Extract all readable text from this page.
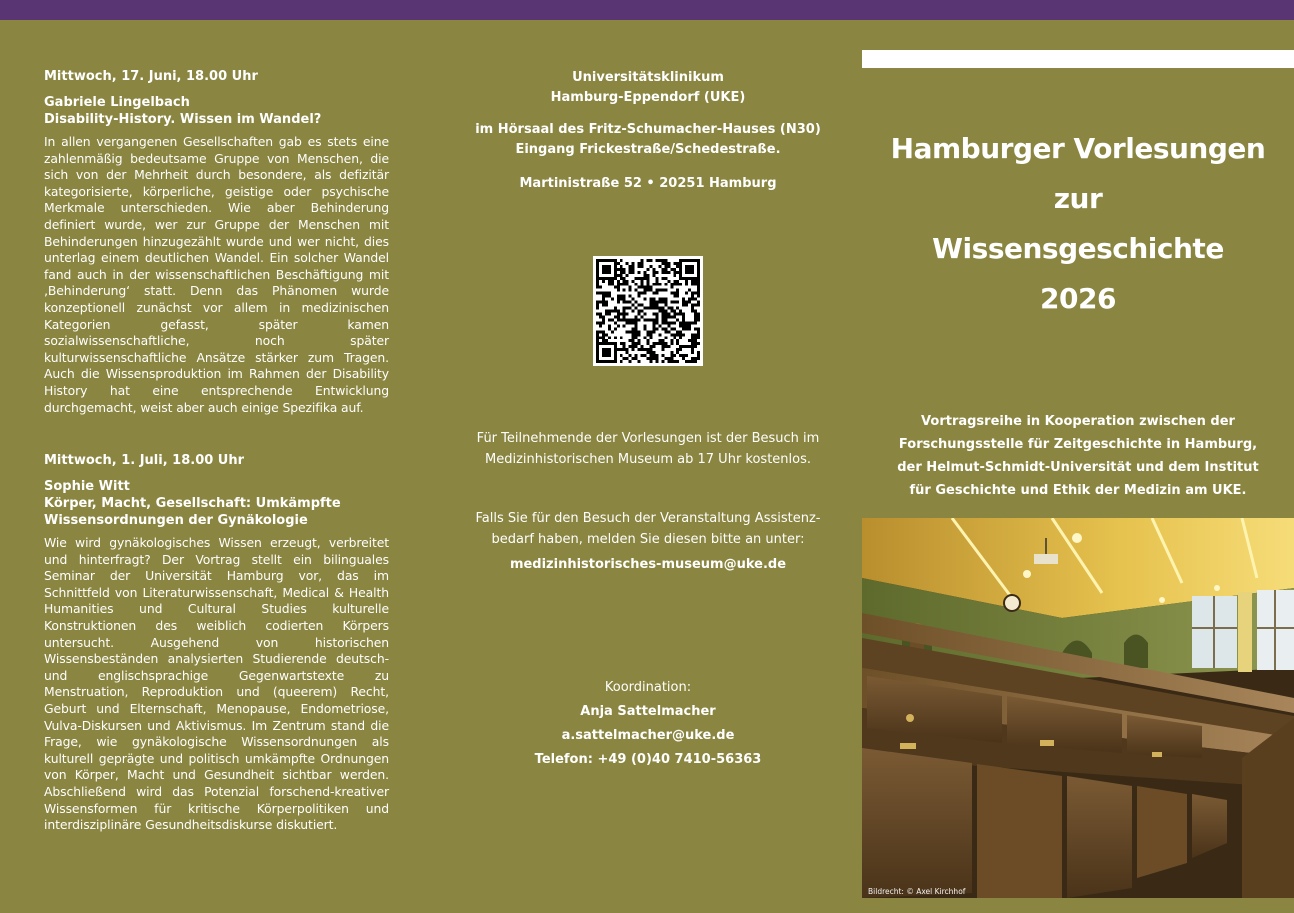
Mittwoch, 17. Juni, 18.00 Uhr

Gabriele Lingelbach

Disability-History. Wissen im Wandel?

In allen vergangenen Gesellschaften gab es stets eine zahlenmäßig bedeutsame Gruppe von Menschen, die sich von der Mehrheit durch besondere, als defizitär kategorisierte, körperliche, geistige oder psychische Merkmale unterschieden. Wie aber Behinderung definiert wurde, wer zur Gruppe der Menschen mit Behinderungen hinzugezählt wurde und wer nicht, dies unterlag einem deutlichen Wandel. Ein solcher Wandel fand auch in der wissenschaftlichen Beschäftigung mit ‚Behinderung‘ statt. Denn das Phänomen wurde konzeptionell zunächst vor allem in medizinischen Kategorien gefasst, später kamen sozialwissenschaftliche, noch später kulturwissenschaftliche Ansätze stärker zum Tragen. Auch die Wissensproduktion im Rahmen der Disability History hat eine entsprechende Entwicklung durchgemacht, weist aber auch einige Spezifika auf.

Mittwoch, 1. Juli, 18.00 Uhr

Sophie Witt

Körper, Macht, Gesellschaft: Umkämpfte Wissensordnungen der Gynäkologie

Wie wird gynäkologisches Wissen erzeugt, verbreitet und hinterfragt? Der Vortrag stellt ein bilinguales Seminar der Universität Hamburg vor, das im Schnittfeld von Literaturwissenschaft, Medical & Health Humanities und Cultural Studies kulturelle Konstruktionen des weiblich codierten Körpers untersucht. Ausgehend von historischen Wissensbeständen analysierten Studierende deutsch- und englischsprachige Gegenwartstexte zu Menstruation, Reproduktion und (queerem) Recht, Geburt und Elternschaft, Menopause, Endometriose, Vulva-Diskursen und Aktivismus. Im Zentrum stand die Frage, wie gynäkologische Wissensordnungen als kulturell geprägte und politisch umkämpfte Ordnungen von Körper, Macht und Gesundheit sichtbar werden. Abschließend wird das Potenzial forschend-kreativer Wissensformen für kritische Körperpolitiken und interdisziplinäre Gesundheitsdiskurse diskutiert.

Universitätsklinikum

Hamburg-Eppendorf (UKE)

im Hörsaal des Fritz-Schumacher-Hauses (N30)

Eingang Frickestraße/Schedestraße.

Martinistraße 52 • 20251 Hamburg

Für Teilnehmende der Vorlesungen ist der Besuch im

Medizinhistorischen Museum ab 17 Uhr kostenlos.

Falls Sie für den Besuch der Veranstaltung Assistenz-

bedarf haben, melden Sie diesen bitte an unter:

medizinhistorisches-museum@uke.de

Koordination:

Anja Sattelmacher

a.sattelmacher@uke.de

Telefon: +49 (0)40 7410-56363

Hamburger Vorlesungen
zur
Wissensgeschichte
2026
Vortragsreihe in Kooperation zwischen der
Forschungsstelle für Zeitgeschichte in Hamburg,
der Helmut-Schmidt-Universität und dem Institut
für Geschichte und Ethik der Medizin am UKE.
Bildrecht: © Axel Kirchhof
